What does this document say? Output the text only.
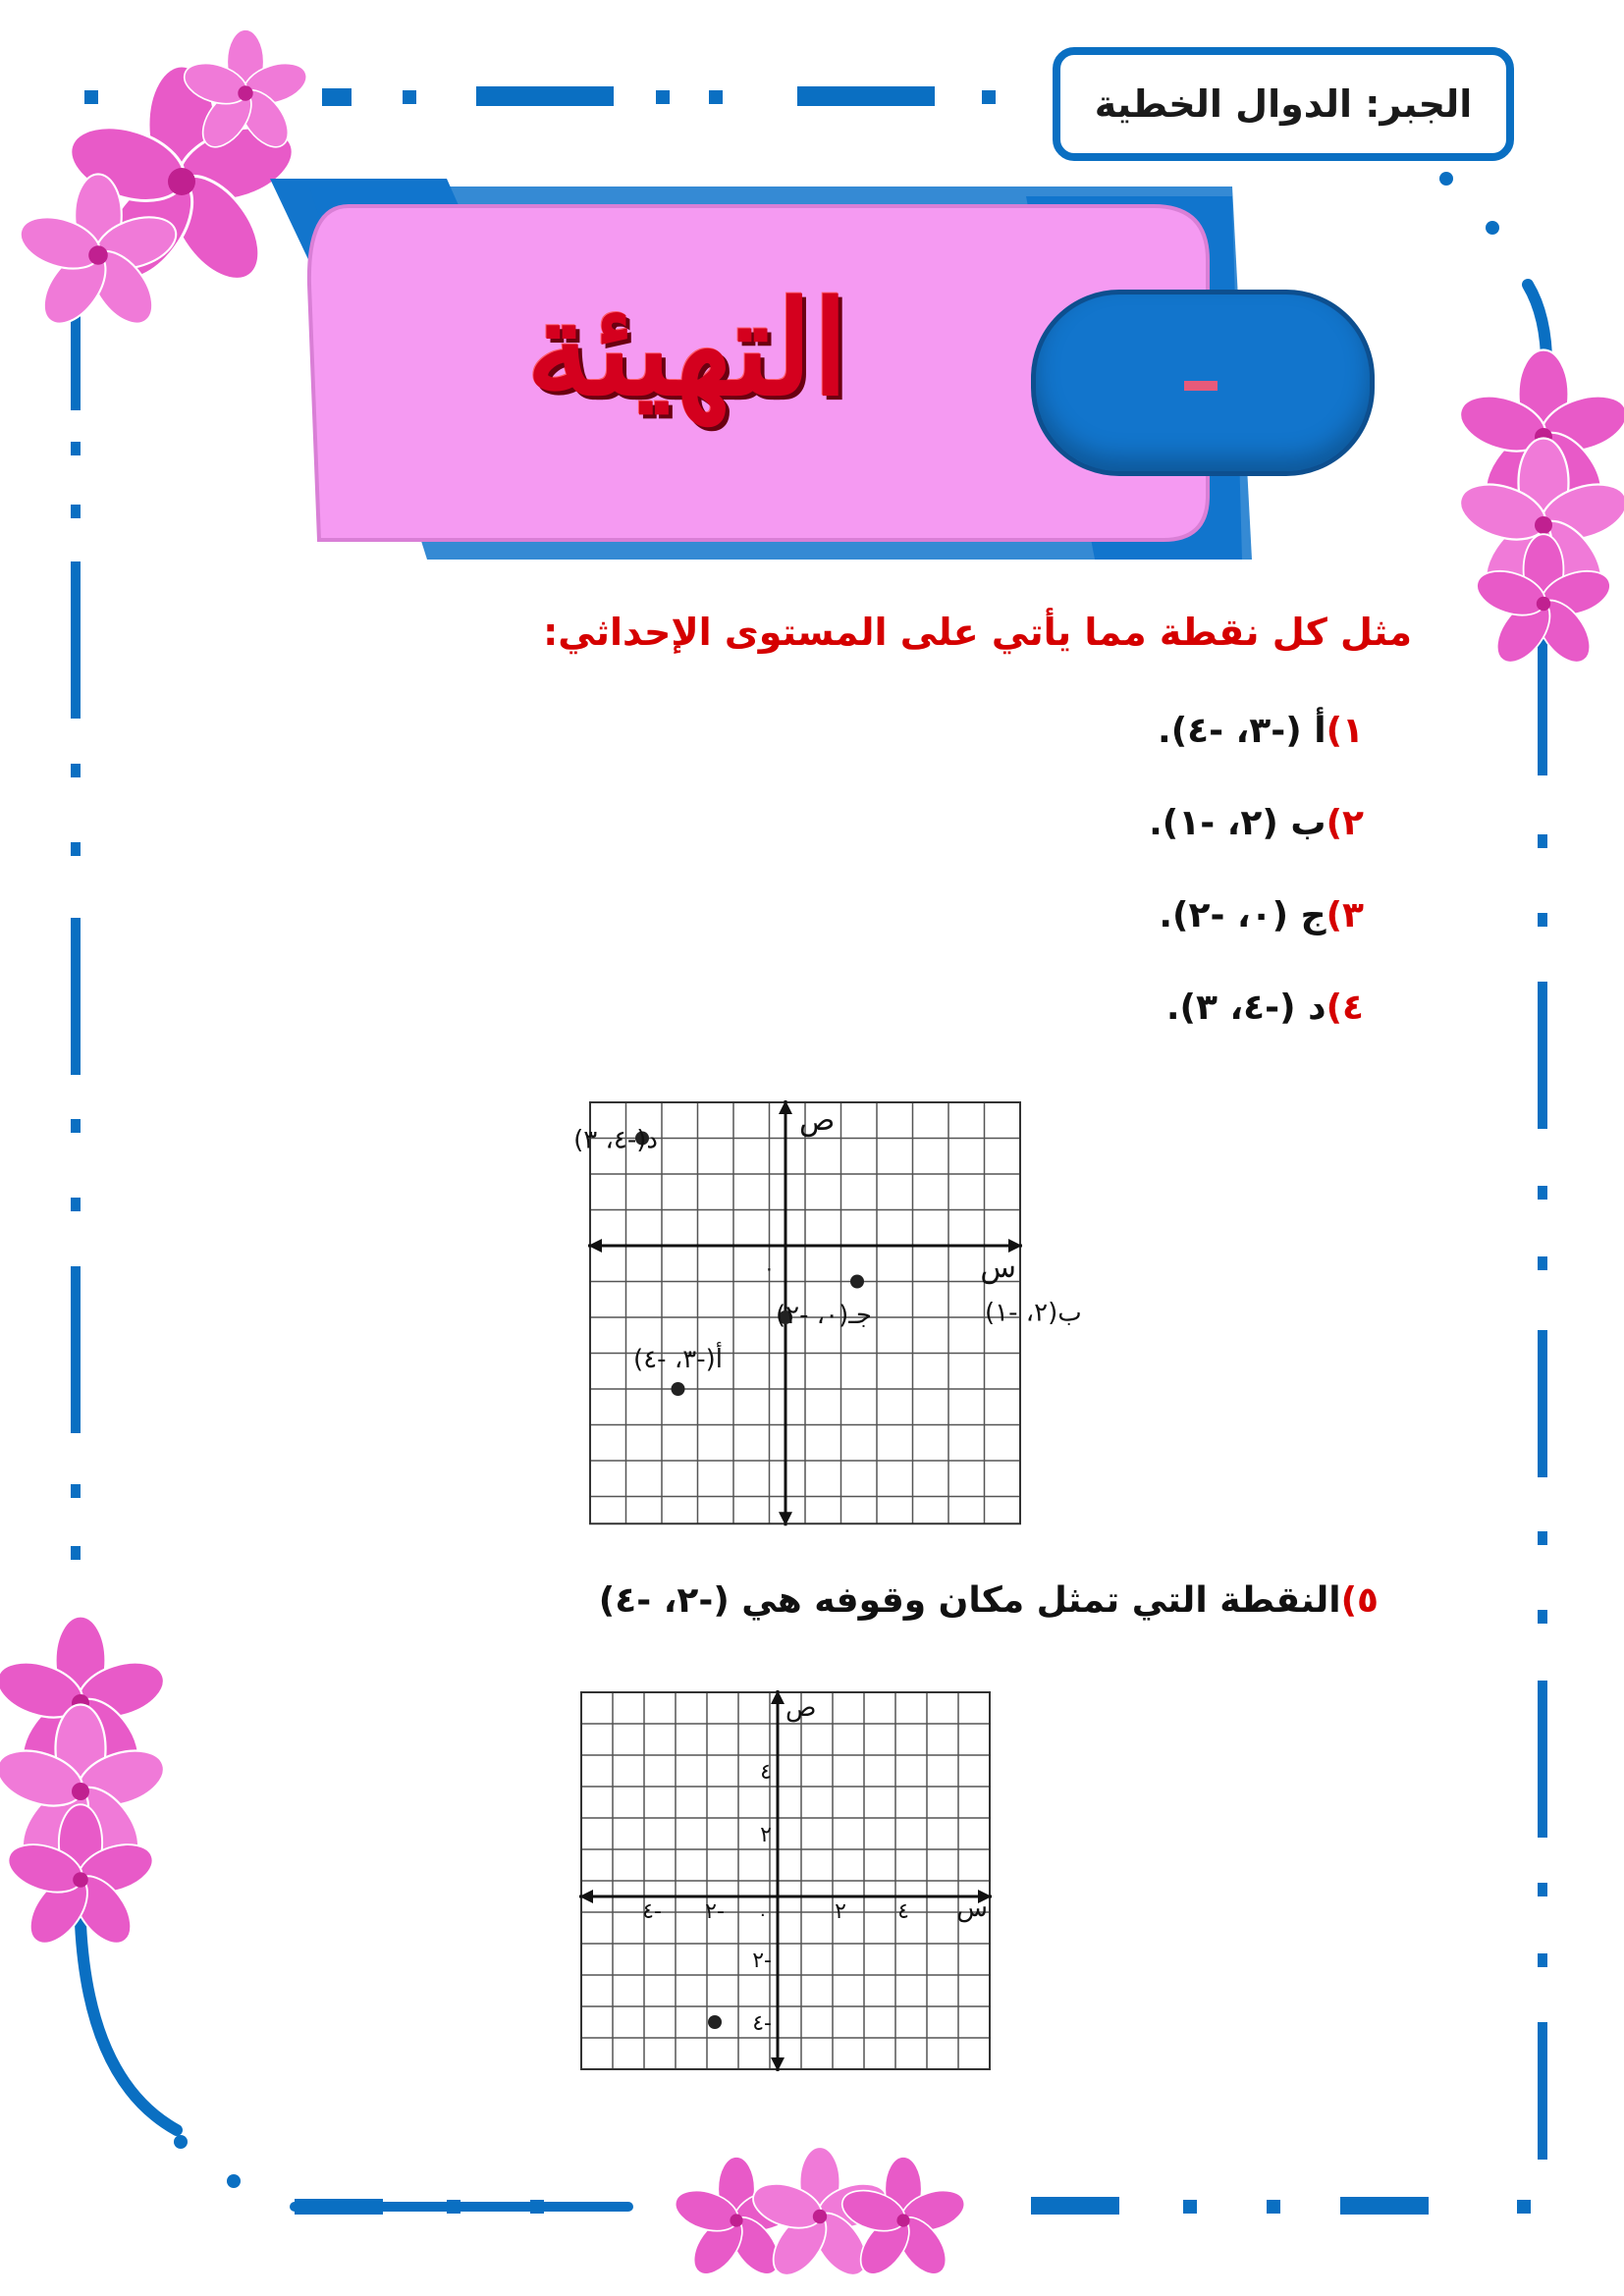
الجبر: الدوال الخطية
التهيئة
مثل كل نقطة مما يأتي على المستوى الإحداثي:
١)أ (-٣، -٤).
٢)ب (٢، -١).
٣)ج (٠، -٢).
٤)د (-٤، ٣).
س
ص
٠
أ(-٣، -٤)
ب(٢، -١)
جـ(٠، -٢)
د(-٤، ٣)
٥)النقطة التي تمثل مكان وقوفه هي (-٢، -٤)
س
ص
٠
٤- ٢-	٢ ٤
٤
٢
٢-
٤-
